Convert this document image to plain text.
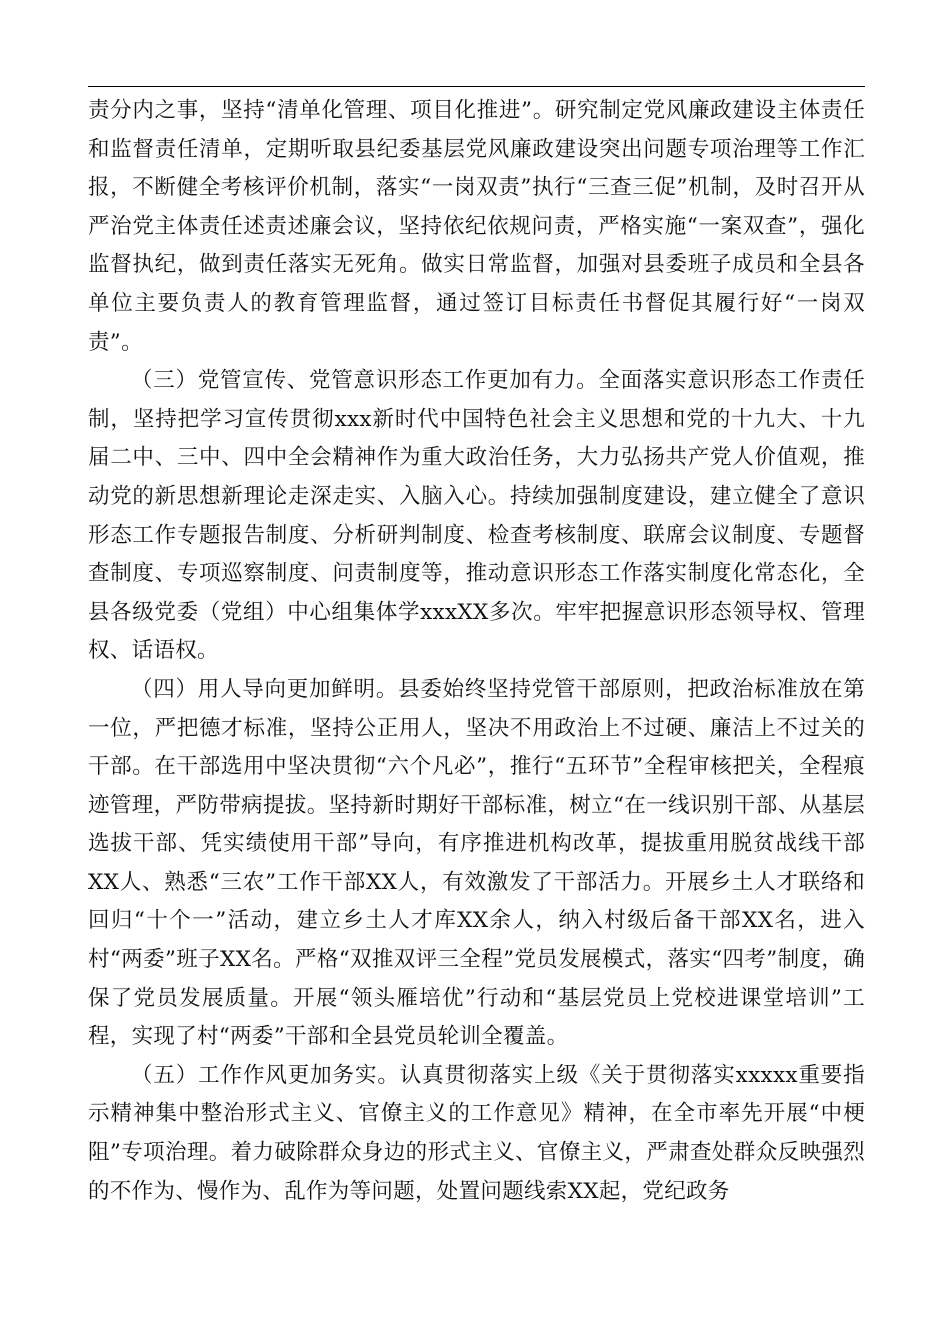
责分内之事，坚持“清单化管理、项目化推进”。研究制定党风廉政建设主体责任和监督责任清单，定期听取县纪委基层党风廉政建设突出问题专项治理等工作汇报，不断健全考核评价机制，落实“一岗双责”执行“三查三促”机制，及时召开从严治党主体责任述责述廉会议，坚持依纪依规问责，严格实施“一案双查”，强化监督执纪，做到责任落实无死角。做实日常监督，加强对县委班子成员和全县各单位主要负责人的教育管理监督，通过签订目标责任书督促其履行好“一岗双责”。

（三）党管宣传、党管意识形态工作更加有力。全面落实意识形态工作责任制，坚持把学习宣传贯彻xxx新时代中国特色社会主义思想和党的十九大、十九届二中、三中、四中全会精神作为重大政治任务，大力弘扬共产党人价值观，推动党的新思想新理论走深走实、入脑入心。持续加强制度建设，建立健全了意识形态工作专题报告制度、分析研判制度、检查考核制度、联席会议制度、专题督查制度、专项巡察制度、问责制度等，推动意识形态工作落实制度化常态化，全县各级党委（党组）中心组集体学xxxXX多次。牢牢把握意识形态领导权、管理权、话语权。

（四）用人导向更加鲜明。县委始终坚持党管干部原则，把政治标准放在第一位，严把德才标准，坚持公正用人，坚决不用政治上不过硬、廉洁上不过关的干部。在干部选用中坚决贯彻“六个凡必”，推行“五环节”全程审核把关，全程痕迹管理，严防带病提拔。坚持新时期好干部标准，树立“在一线识别干部、从基层选拔干部、凭实绩使用干部”导向，有序推进机构改革，提拔重用脱贫战线干部XX人、熟悉“三农”工作干部XX人，有效激发了干部活力。开展乡土人才联络和回归“十个一”活动，建立乡土人才库XX余人，纳入村级后备干部XX名，进入村“两委”班子XX名。严格“双推双评三全程”党员发展模式，落实“四考”制度，确保了党员发展质量。开展“领头雁培优”行动和“基层党员上党校进课堂培训”工程，实现了村“两委”干部和全县党员轮训全覆盖。

（五）工作作风更加务实。认真贯彻落实上级《关于贯彻落实xxxxx重要指示精神集中整治形式主义、官僚主义的工作意见》精神，在全市率先开展“中梗阻”专项治理。着力破除群众身边的形式主义、官僚主义，严肃查处群众反映强烈的不作为、慢作为、乱作为等问题，处置问题线索XX起，党纪政务
